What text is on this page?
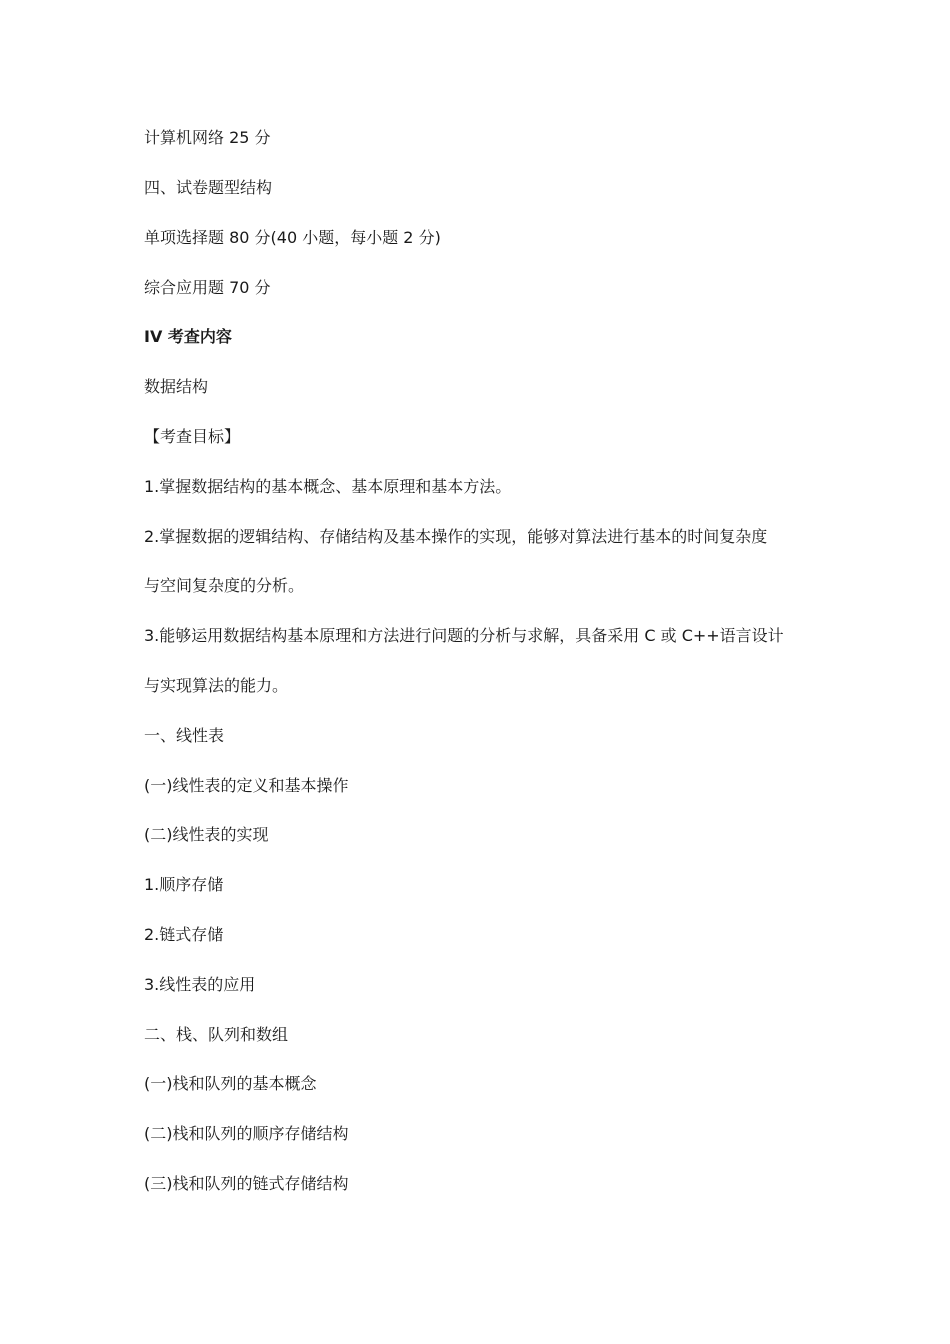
计算机网络 25 分
四、试卷题型结构
单项选择题 80 分(40 小题，每小题 2 分)
综合应用题 70 分
IV 考查内容
数据结构
【考查目标】
1.掌握数据结构的基本概念、基本原理和基本方法。
2.掌握数据的逻辑结构、存储结构及基本操作的实现，能够对算法进行基本的时间复杂度
与空间复杂度的分析。
3.能够运用数据结构基本原理和方法进行问题的分析与求解，具备采用 C 或 C++语言设计
与实现算法的能力。
一、线性表
(一)线性表的定义和基本操作
(二)线性表的实现
1.顺序存储
2.链式存储
3.线性表的应用
二、栈、队列和数组
(一)栈和队列的基本概念
(二)栈和队列的顺序存储结构
(三)栈和队列的链式存储结构
